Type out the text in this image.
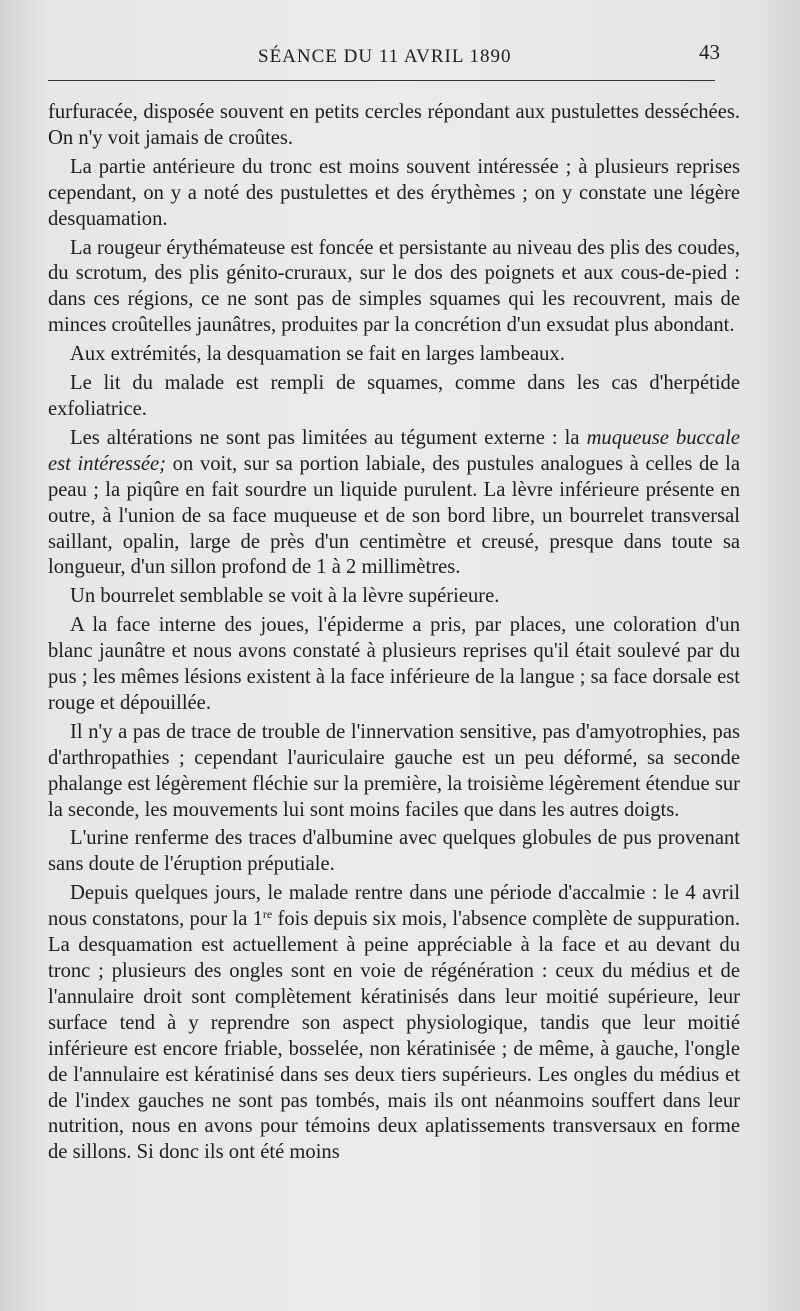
SÉANCE DU 11 AVRIL 1890	43

furfuracée, disposée souvent en petits cercles répondant aux pustulettes desséchées. On n'y voit jamais de croûtes.

La partie antérieure du tronc est moins souvent intéressée ; à plusieurs reprises cependant, on y a noté des pustulettes et des érythèmes ; on y constate une légère desquamation.

La rougeur érythémateuse est foncée et persistante au niveau des plis des coudes, du scrotum, des plis génito-cruraux, sur le dos des poignets et aux cous-de-pied : dans ces régions, ce ne sont pas de simples squames qui les recouvrent, mais de minces croûtelles jaunâtres, produites par la concrétion d'un exsudat plus abondant.

Aux extrémités, la desquamation se fait en larges lambeaux.

Le lit du malade est rempli de squames, comme dans les cas d'herpétide exfoliatrice.

Les altérations ne sont pas limitées au tégument externe : la muqueuse buccale est intéressée; on voit, sur sa portion labiale, des pustules analogues à celles de la peau ; la piqûre en fait sourdre un liquide purulent. La lèvre inférieure présente en outre, à l'union de sa face muqueuse et de son bord libre, un bourrelet transversal saillant, opalin, large de près d'un centimètre et creusé, presque dans toute sa longueur, d'un sillon profond de 1 à 2 millimètres.

Un bourrelet semblable se voit à la lèvre supérieure.

A la face interne des joues, l'épiderme a pris, par places, une coloration d'un blanc jaunâtre et nous avons constaté à plusieurs reprises qu'il était soulevé par du pus ; les mêmes lésions existent à la face inférieure de la langue ; sa face dorsale est rouge et dépouillée.

Il n'y a pas de trace de trouble de l'innervation sensitive, pas d'amyotrophies, pas d'arthropathies ; cependant l'auriculaire gauche est un peu déformé, sa seconde phalange est légèrement fléchie sur la première, la troisième légèrement étendue sur la seconde, les mouvements lui sont moins faciles que dans les autres doigts.

L'urine renferme des traces d'albumine avec quelques globules de pus provenant sans doute de l'éruption préputiale.

Depuis quelques jours, le malade rentre dans une période d'accalmie : le 4 avril nous constatons, pour la 1re fois depuis six mois, l'absence complète de suppuration. La desquamation est actuellement à peine appréciable à la face et au devant du tronc ; plusieurs des ongles sont en voie de régénération : ceux du médius et de l'annulaire droit sont complètement kératinisés dans leur moitié supérieure, leur surface tend à y reprendre son aspect physiologique, tandis que leur moitié inférieure est encore friable, bosselée, non kératinisée ; de même, à gauche, l'ongle de l'annulaire est kératinisé dans ses deux tiers supérieurs. Les ongles du médius et de l'index gauches ne sont pas tombés, mais ils ont néanmoins souffert dans leur nutrition, nous en avons pour témoins deux aplatissements transversaux en forme de sillons. Si donc ils ont été moins
